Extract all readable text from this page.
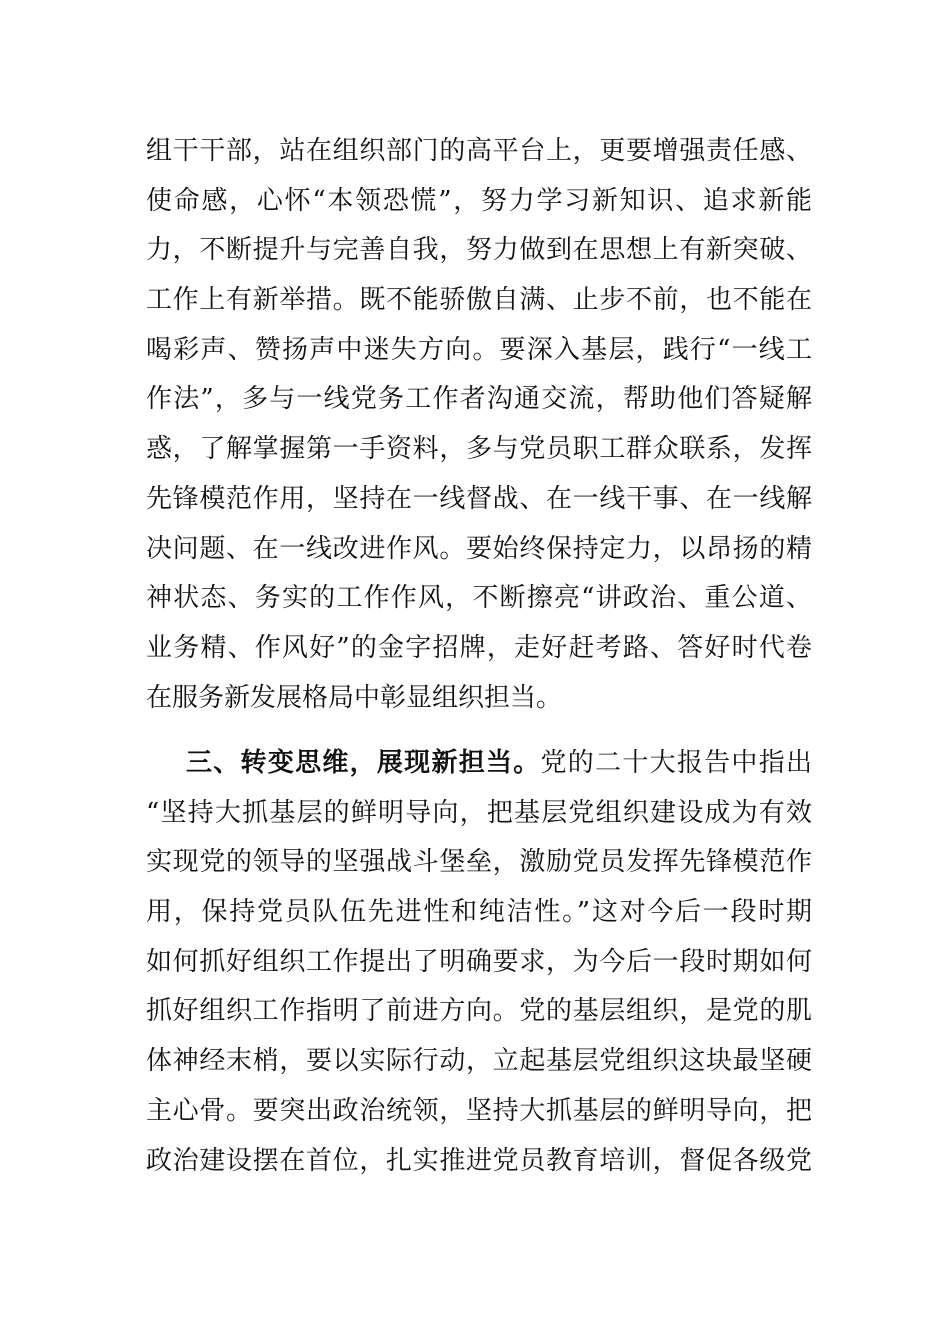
组干干部，站在组织部门的高平台上，更要增强责任感、
使命感，心怀“本领恐慌”，努力学习新知识、追求新能
力，不断提升与完善自我，努力做到在思想上有新突破、
工作上有新举措。既不能骄傲自满、止步不前，也不能在
喝彩声、赞扬声中迷失方向。要深入基层，践行“一线工
作法”，多与一线党务工作者沟通交流，帮助他们答疑解
惑，了解掌握第一手资料，多与党员职工群众联系，发挥
先锋模范作用，坚持在一线督战、在一线干事、在一线解
决问题、在一线改进作风。要始终保持定力，以昂扬的精
神状态、务实的工作作风，不断擦亮“讲政治、重公道、
业务精、作风好”的金字招牌，走好赶考路、答好时代卷
在服务新发展格局中彰显组织担当。
三、转变思维，展现新担当。党的二十大报告中指出
“坚持大抓基层的鲜明导向，把基层党组织建设成为有效
实现党的领导的坚强战斗堡垒，激励党员发挥先锋模范作
用，保持党员队伍先进性和纯洁性。”这对今后一段时期
如何抓好组织工作提出了明确要求，为今后一段时期如何
抓好组织工作指明了前进方向。党的基层组织，是党的肌
体神经末梢，要以实际行动，立起基层党组织这块最坚硬
主心骨。要突出政治统领，坚持大抓基层的鲜明导向，把
政治建设摆在首位，扎实推进党员教育培训，督促各级党
